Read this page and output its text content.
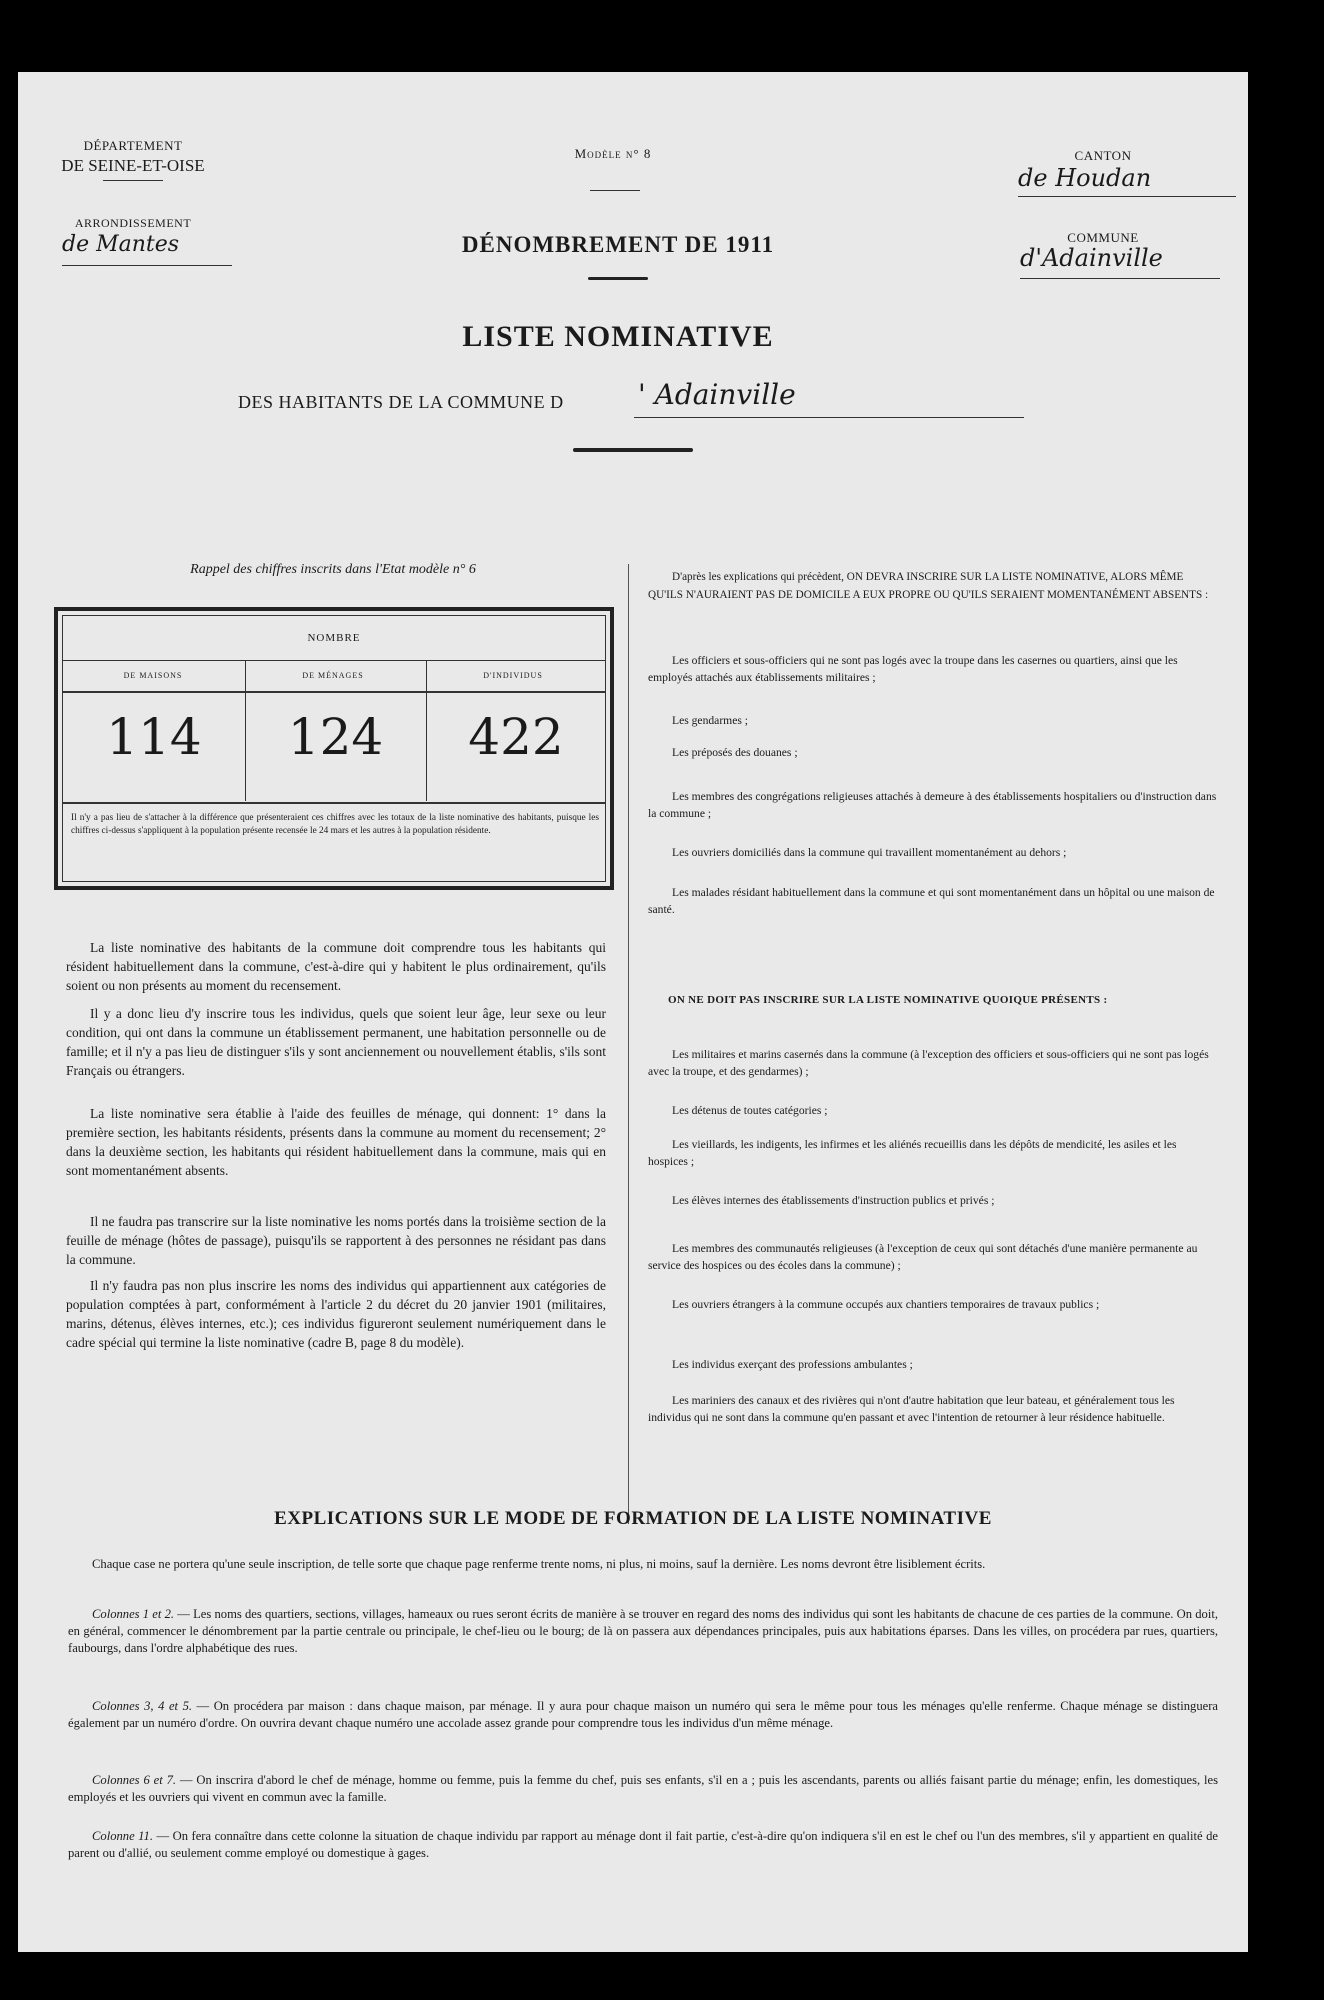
DÉPARTEMENT
DE SEINE-ET-OISE
ARRONDISSEMENT
de Mantes
Modèle n° 8
DÉNOMBREMENT DE 1911
CANTON
de Houdan
COMMUNE
d'Adainville
LISTE NOMINATIVE
DES HABITANTS DE LA COMMUNE D	' Adainville
Rappel des chiffres inscrits dans l'Etat modèle n° 6
NOMBRE
DE MAISONS	DE MÉNAGES	D'INDIVIDUS
114	124	422
Il n'y a pas lieu de s'attacher à la différence que présenteraient ces chiffres avec les totaux de la liste nominative des habitants, puisque les chiffres ci-dessus s'appliquent à la population présente recensée le 24 mars et les autres à la population résidente.
La liste nominative des habitants de la commune doit comprendre tous les habitants qui résident habituellement dans la commune, c'est-à-dire qui y habitent le plus ordinairement, qu'ils soient ou non présents au moment du recensement.
Il y a donc lieu d'y inscrire tous les individus, quels que soient leur âge, leur sexe ou leur condition, qui ont dans la commune un établissement permanent, une habitation personnelle ou de famille; et il n'y a pas lieu de distinguer s'ils y sont anciennement ou nouvellement établis, s'ils sont Français ou étrangers.
La liste nominative sera établie à l'aide des feuilles de ménage, qui donnent: 1° dans la première section, les habitants résidents, présents dans la commune au moment du recensement; 2° dans la deuxième section, les habitants qui résident habituellement dans la commune, mais qui en sont momentanément absents.
Il ne faudra pas transcrire sur la liste nominative les noms portés dans la troisième section de la feuille de ménage (hôtes de passage), puisqu'ils se rapportent à des personnes ne résidant pas dans la commune.
Il n'y faudra pas non plus inscrire les noms des individus qui appartiennent aux catégories de population comptées à part, conformément à l'article 2 du décret du 20 janvier 1901 (militaires, marins, détenus, élèves internes, etc.); ces individus figureront seulement numériquement dans le cadre spécial qui termine la liste nominative (cadre B, page 8 du modèle).
D'après les explications qui précèdent, ON DEVRA INSCRIRE SUR LA LISTE NOMINATIVE, ALORS MÊME QU'ILS N'AURAIENT PAS DE DOMICILE A EUX PROPRE OU QU'ILS SERAIENT MOMENTANÉMENT ABSENTS :
Les officiers et sous-officiers qui ne sont pas logés avec la troupe dans les casernes ou quartiers, ainsi que les employés attachés aux établissements militaires ;
Les gendarmes ;
Les préposés des douanes ;
Les membres des congrégations religieuses attachés à demeure à des établissements hospitaliers ou d'instruction dans la commune ;
Les ouvriers domiciliés dans la commune qui travaillent momentanément au dehors ;
Les malades résidant habituellement dans la commune et qui sont momentanément dans un hôpital ou une maison de santé.
ON NE DOIT PAS INSCRIRE SUR LA LISTE NOMINATIVE QUOIQUE PRÉSENTS :
Les militaires et marins casernés dans la commune (à l'exception des officiers et sous-officiers qui ne sont pas logés avec la troupe, et des gendarmes) ;
Les détenus de toutes catégories ;
Les vieillards, les indigents, les infirmes et les aliénés recueillis dans les dépôts de mendicité, les asiles et les hospices ;
Les élèves internes des établissements d'instruction publics et privés ;
Les membres des communautés religieuses (à l'exception de ceux qui sont détachés d'une manière permanente au service des hospices ou des écoles dans la commune) ;
Les ouvriers étrangers à la commune occupés aux chantiers temporaires de travaux publics ;
Les individus exerçant des professions ambulantes ;
Les mariniers des canaux et des rivières qui n'ont d'autre habitation que leur bateau, et généralement tous les individus qui ne sont dans la commune qu'en passant et avec l'intention de retourner à leur résidence habituelle.
EXPLICATIONS SUR LE MODE DE FORMATION DE LA LISTE NOMINATIVE
Chaque case ne portera qu'une seule inscription, de telle sorte que chaque page renferme trente noms, ni plus, ni moins, sauf la dernière. Les noms devront être lisiblement écrits.
Colonnes 1 et 2. — Les noms des quartiers, sections, villages, hameaux ou rues seront écrits de manière à se trouver en regard des noms des individus qui sont les habitants de chacune de ces parties de la commune. On doit, en général, commencer le dénombrement par la partie centrale ou principale, le chef-lieu ou le bourg; de là on passera aux dépendances principales, puis aux habitations éparses. Dans les villes, on procédera par rues, quartiers, faubourgs, dans l'ordre alphabétique des rues.
Colonnes 3, 4 et 5. — On procédera par maison : dans chaque maison, par ménage. Il y aura pour chaque maison un numéro qui sera le même pour tous les ménages qu'elle renferme. Chaque ménage se distinguera également par un numéro d'ordre. On ouvrira devant chaque numéro une accolade assez grande pour comprendre tous les individus d'un même ménage.
Colonnes 6 et 7. — On inscrira d'abord le chef de ménage, homme ou femme, puis la femme du chef, puis ses enfants, s'il en a ; puis les ascendants, parents ou alliés faisant partie du ménage; enfin, les domestiques, les employés et les ouvriers qui vivent en commun avec la famille.
Colonne 11. — On fera connaître dans cette colonne la situation de chaque individu par rapport au ménage dont il fait partie, c'est-à-dire qu'on indiquera s'il en est le chef ou l'un des membres, s'il y appartient en qualité de parent ou d'allié, ou seulement comme employé ou domestique à gages.
